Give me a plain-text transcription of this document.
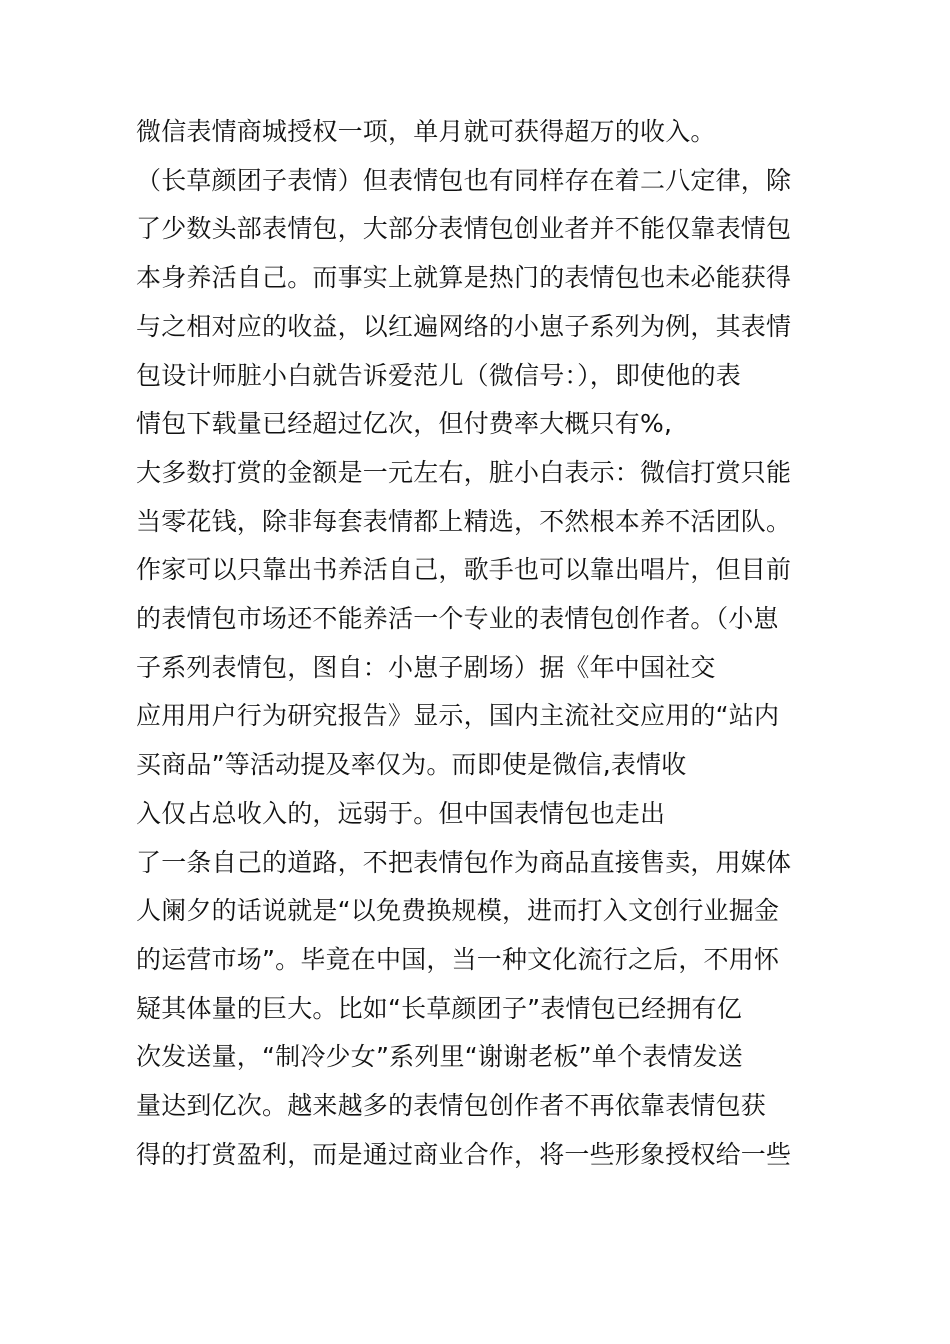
微信表情商城授权一项，单月就可获得超万的收入。
（长草颜团子表情）但表情包也有同样存在着二八定律，除
了少数头部表情包，大部分表情包创业者并不能仅靠表情包
本身养活自己。而事实上就算是热门的表情包也未必能获得
与之相对应的收益，以红遍网络的小崽子系列为例，其表情
包设计师脏小白就告诉爱范儿（微信号：），即使他的表
情包下载量已经超过亿次，但付费率大概只有%,
大多数打赏的金额是一元左右，脏小白表示：微信打赏只能
当零花钱，除非每套表情都上精选，不然根本养不活团队。
作家可以只靠出书养活自己，歌手也可以靠出唱片，但目前
的表情包市场还不能养活一个专业的表情包创作者。（小崽
子系列表情包，图自：小崽子剧场）据《年中国社交
应用用户行为研究报告》显示，国内主流社交应用的“站内
买商品”等活动提及率仅为。而即使是微信,表情收
入仅占总收入的，远弱于。但中国表情包也走出
了一条自己的道路，不把表情包作为商品直接售卖，用媒体
人阑夕的话说就是“以免费换规模，进而打入文创行业掘金
的运营市场”。毕竟在中国，当一种文化流行之后，不用怀
疑其体量的巨大。比如“长草颜团子”表情包已经拥有亿
次发送量，“制冷少女”系列里“谢谢老板”单个表情发送
量达到亿次。越来越多的表情包创作者不再依靠表情包获
得的打赏盈利，而是通过商业合作，将一些形象授权给一些
